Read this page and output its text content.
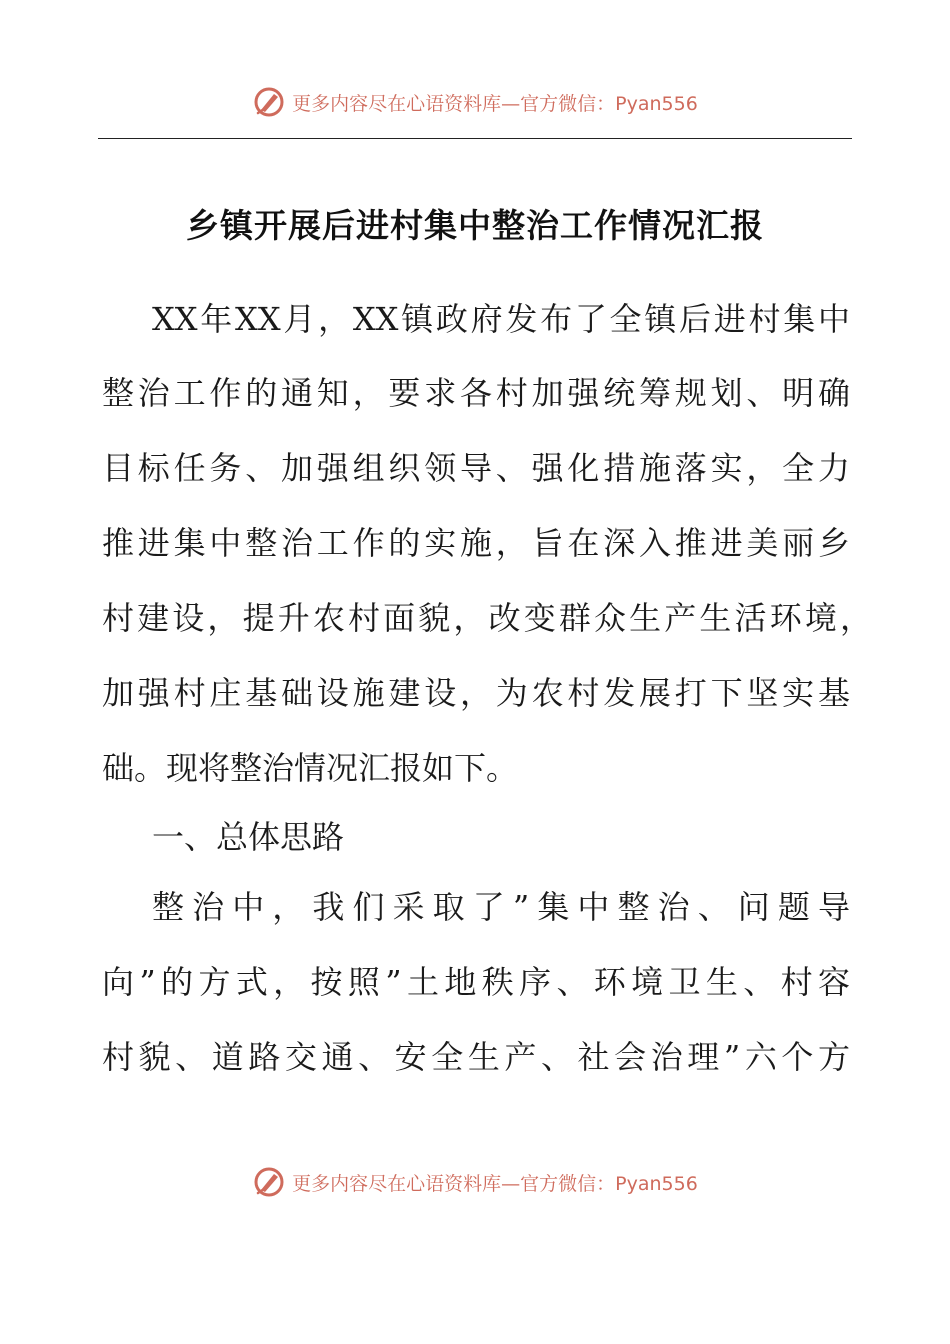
更多内容尽在心语资料库—官方微信：Pyan556
乡镇开展后进村集中整治工作情况汇报
XX年XX月，XX镇政府发布了全镇后进村集中
整治工作的通知，要求各村加强统筹规划、明确
目标任务、加强组织领导、强化措施落实，全力
推进集中整治工作的实施，旨在深入推进美丽乡
村建设，提升农村面貌，改变群众生产生活环境，
加强村庄基础设施建设，为农村发展打下坚实基
础。现将整治情况汇报如下。
一、总体思路
整治中，我们采取了”集中整治、问题导
向”的方式，按照”土地秩序、环境卫生、村容
村貌、道路交通、安全生产、社会治理”六个方
更多内容尽在心语资料库—官方微信：Pyan556
